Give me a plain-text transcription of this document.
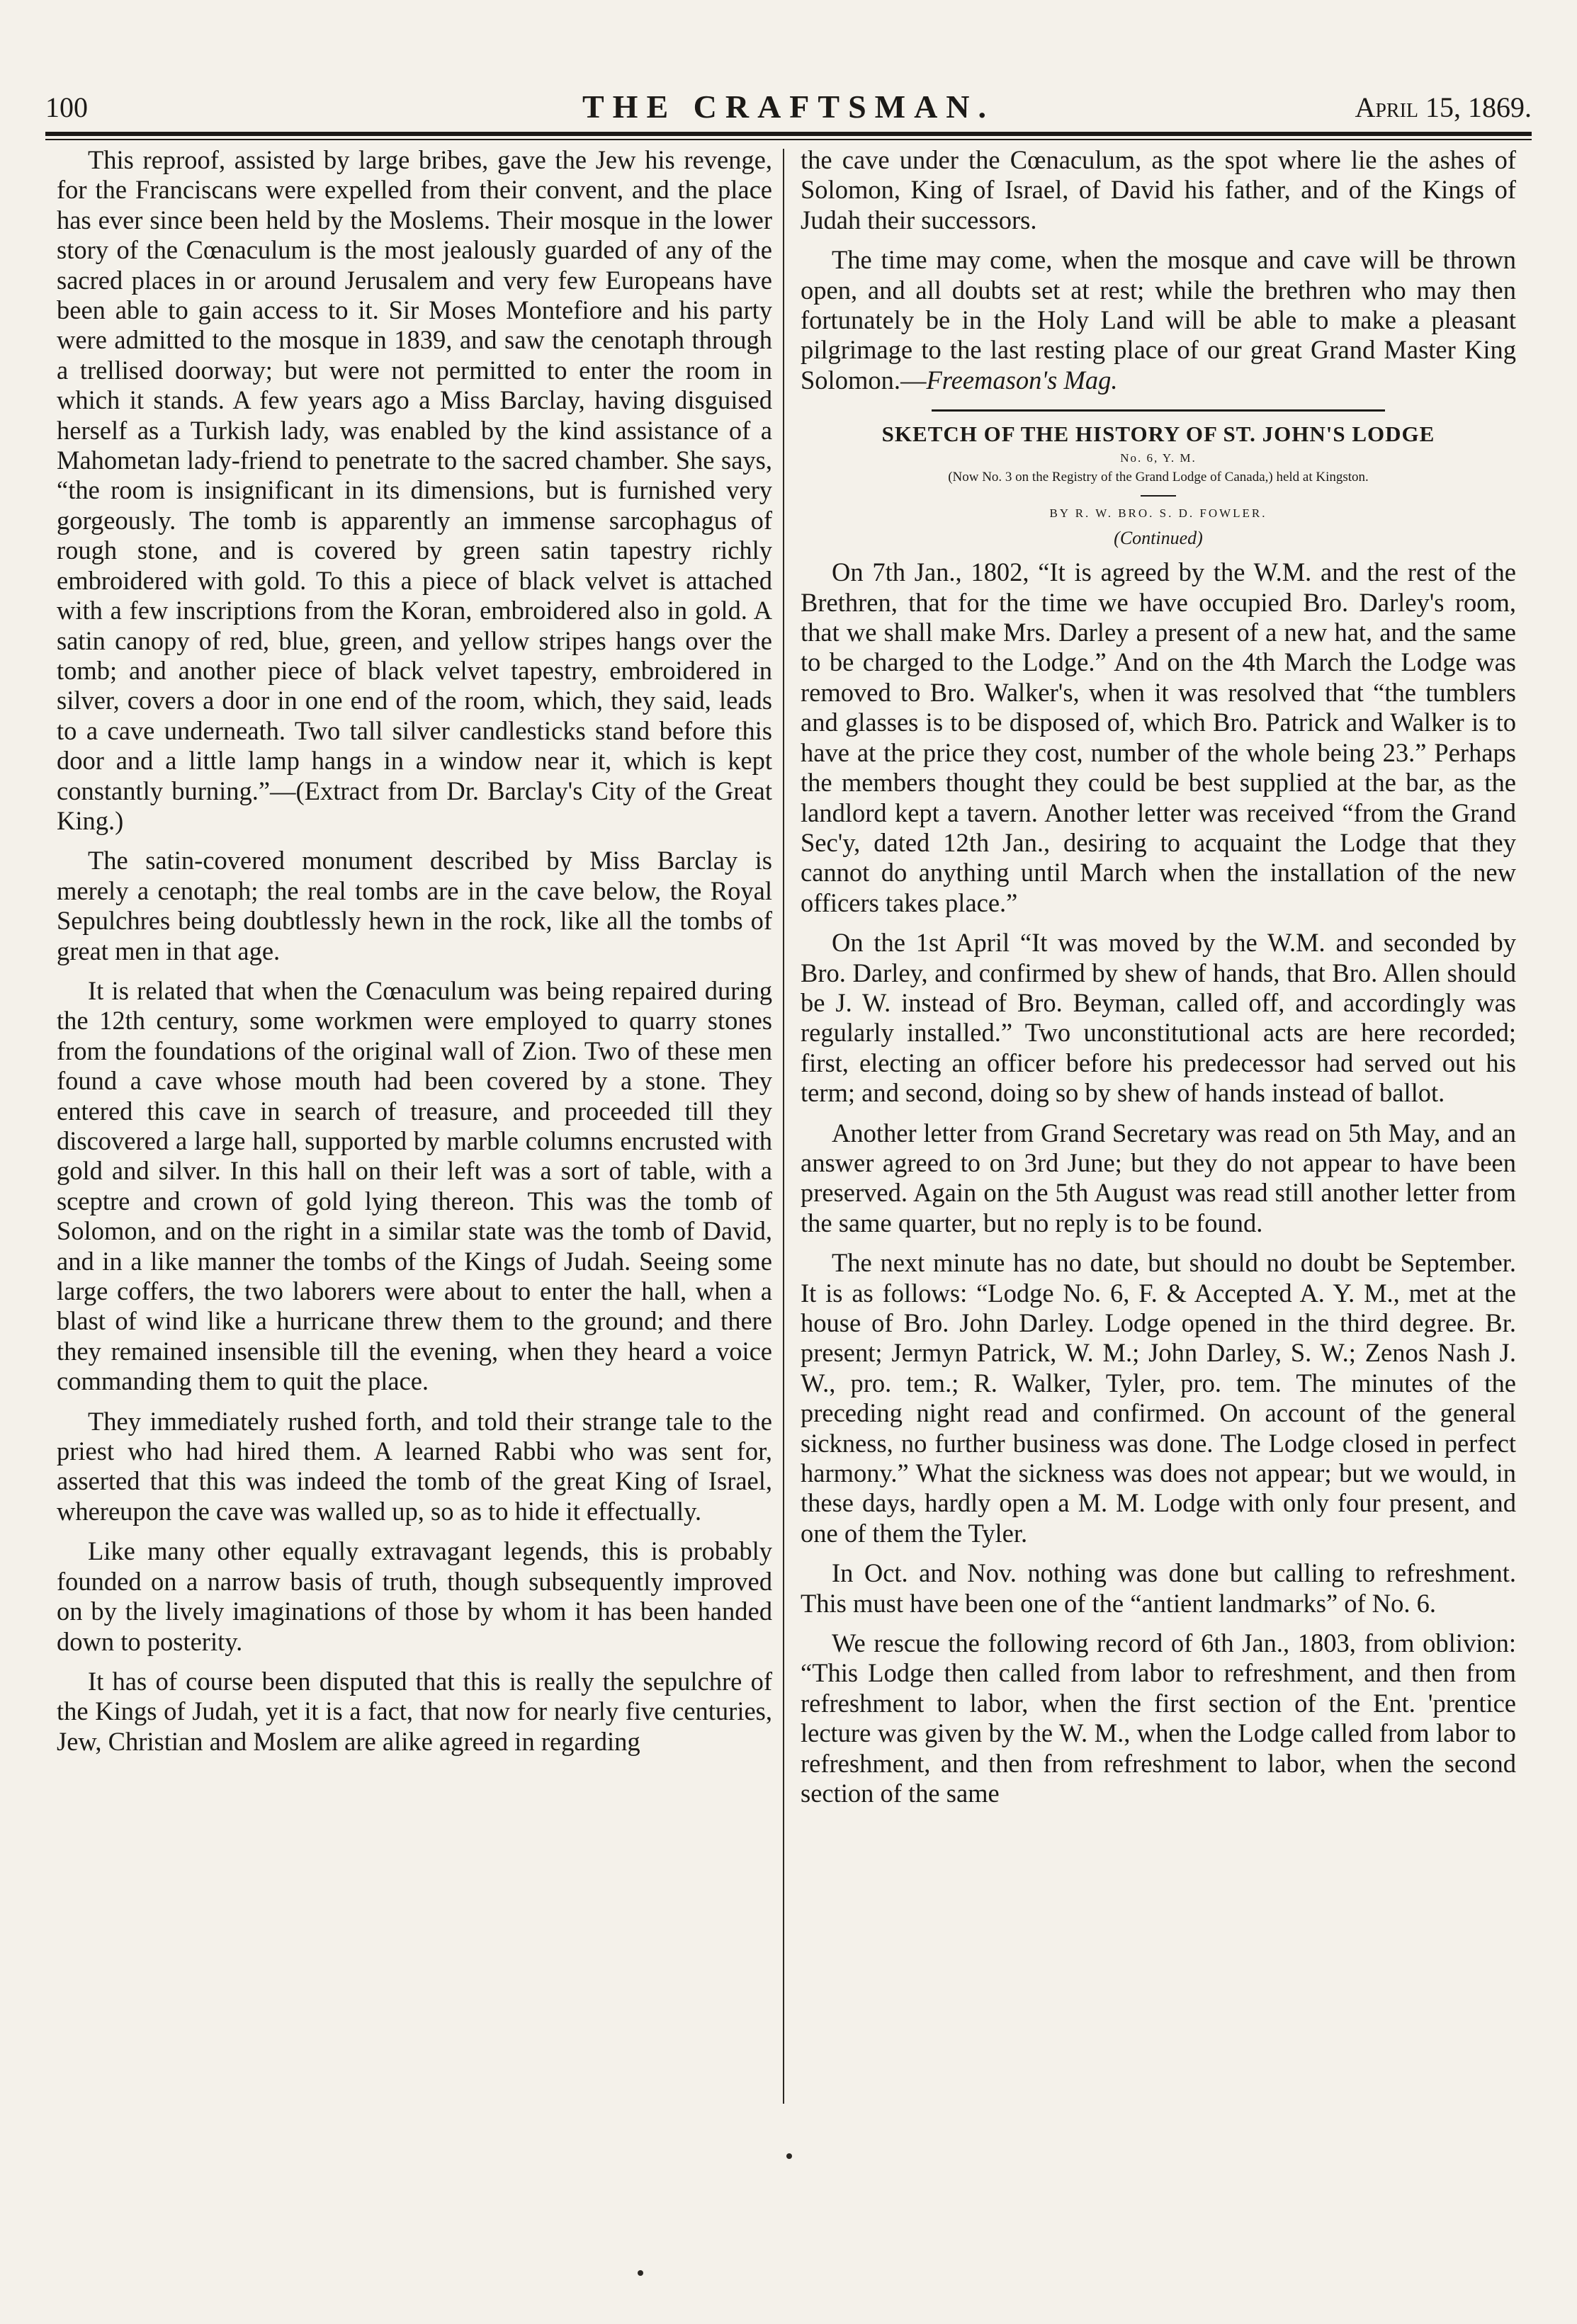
100	THE CRAFTSMAN.	April 15, 1869.

This reproof, assisted by large bribes, gave the Jew his revenge, for the Franciscans were expelled from their convent, and the place has ever since been held by the Moslems. Their mosque in the lower story of the Cœnaculum is the most jealously guarded of any of the sacred places in or around Jerusalem and very few Europeans have been able to gain access to it. Sir Moses Montefiore and his party were admitted to the mosque in 1839, and saw the cenotaph through a trellised doorway; but were not permitted to enter the room in which it stands. A few years ago a Miss Barclay, having disguised herself as a Turkish lady, was enabled by the kind assistance of a Mahometan lady-friend to penetrate to the sacred chamber. She says, “the room is insignificant in its dimensions, but is furnished very gorgeously. The tomb is apparently an immense sarcophagus of rough stone, and is covered by green satin tapestry richly embroidered with gold. To this a piece of black velvet is attached with a few inscriptions from the Koran, embroidered also in gold. A satin canopy of red, blue, green, and yellow stripes hangs over the tomb; and another piece of black velvet tapestry, embroidered in silver, covers a door in one end of the room, which, they said, leads to a cave underneath. Two tall silver candlesticks stand before this door and a little lamp hangs in a window near it, which is kept constantly burning.”—(Extract from Dr. Barclay's City of the Great King.)

The satin-covered monument described by Miss Barclay is merely a cenotaph; the real tombs are in the cave below, the Royal Sepulchres being doubtlessly hewn in the rock, like all the tombs of great men in that age.

It is related that when the Cœnaculum was being repaired during the 12th century, some workmen were employed to quarry stones from the foundations of the original wall of Zion. Two of these men found a cave whose mouth had been covered by a stone. They entered this cave in search of treasure, and proceeded till they discovered a large hall, supported by marble columns encrusted with gold and silver. In this hall on their left was a sort of table, with a sceptre and crown of gold lying thereon. This was the tomb of Solomon, and on the right in a similar state was the tomb of David, and in a like manner the tombs of the Kings of Judah. Seeing some large coffers, the two laborers were about to enter the hall, when a blast of wind like a hurricane threw them to the ground; and there they remained insensible till the evening, when they heard a voice commanding them to quit the place.

They immediately rushed forth, and told their strange tale to the priest who had hired them. A learned Rabbi who was sent for, asserted that this was indeed the tomb of the great King of Israel, whereupon the cave was walled up, so as to hide it effectually.

Like many other equally extravagant legends, this is probably founded on a narrow basis of truth, though subsequently improved on by the lively imaginations of those by whom it has been handed down to posterity.

It has of course been disputed that this is really the sepulchre of the Kings of Judah, yet it is a fact, that now for nearly five centuries, Jew, Christian and Moslem are alike agreed in regarding

the cave under the Cœnaculum, as the spot where lie the ashes of Solomon, King of Israel, of David his father, and of the Kings of Judah their successors.

The time may come, when the mosque and cave will be thrown open, and all doubts set at rest; while the brethren who may then fortunately be in the Holy Land will be able to make a pleasant pilgrimage to the last resting place of our great Grand Master King Solomon.—Freemason's Mag.

SKETCH OF THE HISTORY OF ST. JOHN'S LODGE
No. 6, Y. M.
(Now No. 3 on the Registry of the Grand Lodge of Canada,) held at Kingston.
BY R. W. BRO. S. D. FOWLER.
(Continued)

On 7th Jan., 1802, “It is agreed by the W.M. and the rest of the Brethren, that for the time we have occupied Bro. Darley's room, that we shall make Mrs. Darley a present of a new hat, and the same to be charged to the Lodge.” And on the 4th March the Lodge was removed to Bro. Walker's, when it was resolved that “the tumblers and glasses is to be disposed of, which Bro. Patrick and Walker is to have at the price they cost, number of the whole being 23.” Perhaps the members thought they could be best supplied at the bar, as the landlord kept a tavern. Another letter was received “from the Grand Sec'y, dated 12th Jan., desiring to acquaint the Lodge that they cannot do anything until March when the installation of the new officers takes place.”

On the 1st April “It was moved by the W.M. and seconded by Bro. Darley, and confirmed by shew of hands, that Bro. Allen should be J. W. instead of Bro. Beyman, called off, and accordingly was regularly installed.” Two unconstitutional acts are here recorded; first, electing an officer before his predecessor had served out his term; and second, doing so by shew of hands instead of ballot.

Another letter from Grand Secretary was read on 5th May, and an answer agreed to on 3rd June; but they do not appear to have been preserved. Again on the 5th August was read still another letter from the same quarter, but no reply is to be found.

The next minute has no date, but should no doubt be September. It is as follows: “Lodge No. 6, F. & Accepted A. Y. M., met at the house of Bro. John Darley. Lodge opened in the third degree. Br. present; Jermyn Patrick, W. M.; John Darley, S. W.; Zenos Nash J. W., pro. tem.; R. Walker, Tyler, pro. tem. The minutes of the preceding night read and confirmed. On account of the general sickness, no further business was done. The Lodge closed in perfect harmony.” What the sickness was does not appear; but we would, in these days, hardly open a M. M. Lodge with only four present, and one of them the Tyler.

In Oct. and Nov. nothing was done but calling to refreshment. This must have been one of the “antient landmarks” of No. 6.

We rescue the following record of 6th Jan., 1803, from oblivion: “This Lodge then called from labor to refreshment, and then from refreshment to labor, when the first section of the Ent. 'prentice lecture was given by the W. M., when the Lodge called from labor to refreshment, and then from refreshment to labor, when the second section of the same
